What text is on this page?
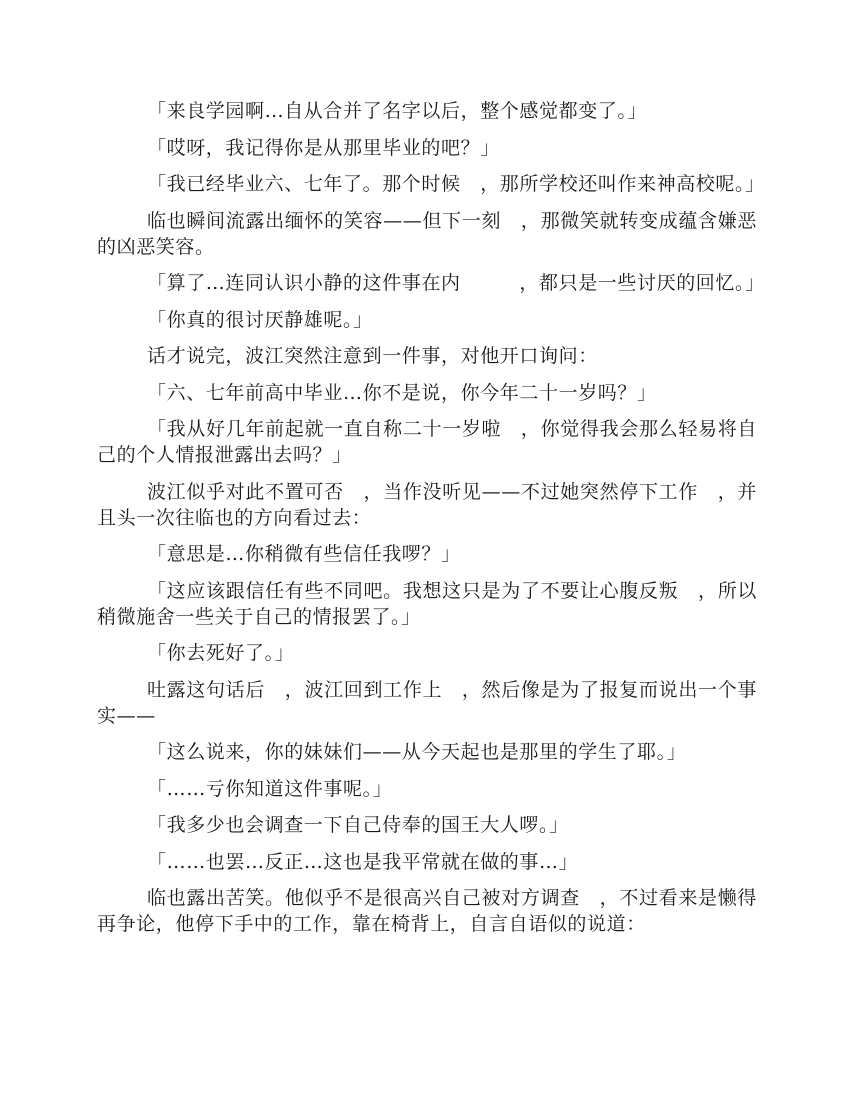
「来良学园啊…自从合并了名字以后，整个感觉都变了。」

「哎呀，我记得你是从那里毕业的吧？」

「我已经毕业六、七年了。那个时候　，那所学校还叫作来神高校呢。」

临也瞬间流露出缅怀的笑容——但下一刻　，那微笑就转变成蕴含嫌恶的凶恶笑容。

「算了…连同认识小静的这件事在内　　　，都只是一些讨厌的回忆。」

「你真的很讨厌静雄呢。」

话才说完，波江突然注意到一件事，对他开口询问：

「六、七年前高中毕业…你不是说，你今年二十一岁吗？」

「我从好几年前起就一直自称二十一岁啦　，你觉得我会那么轻易将自己的个人情报泄露出去吗？」

波江似乎对此不置可否　，当作没听见——不过她突然停下工作　，并且头一次往临也的方向看过去：

「意思是…你稍微有些信任我啰？」

「这应该跟信任有些不同吧。我想这只是为了不要让心腹反叛　，所以稍微施舍一些关于自己的情报罢了。」

「你去死好了。」

吐露这句话后　，波江回到工作上　，然后像是为了报复而说出一个事实——

「这么说来，你的妹妹们——从今天起也是那里的学生了耶。」

「……亏你知道这件事呢。」

「我多少也会调查一下自己侍奉的国王大人啰。」

「……也罢…反正…这也是我平常就在做的事…」

临也露出苦笑。他似乎不是很高兴自己被对方调查　，不过看来是懒得再争论，他停下手中的工作，靠在椅背上，自言自语似的说道：
